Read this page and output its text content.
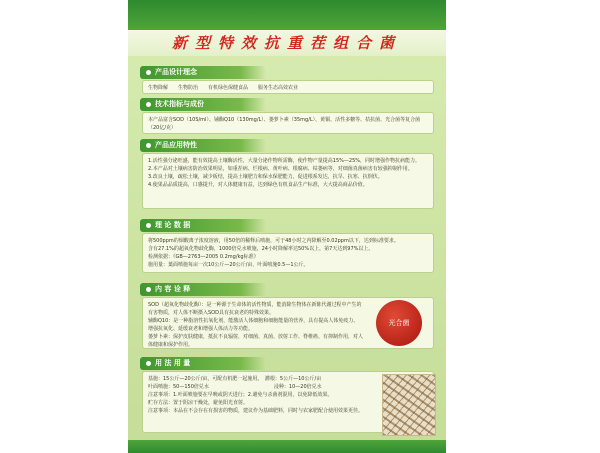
新型特效抗重茬组合菌
产品设计理念

生物降解　　生物防治　　有机绿色保健食品　　服务生态高效农业

技术指标与成份

本产品富含SOD（10S/ml）、铺酶Q10（130mg/L）、萎萝卜素（35mg/L）、黄铜、活性多糖等、拮抗菌、光合菌等复合菌（20亿/克）

产品应用特性

1.活性强分泌旺盛，能有效提高土壤酶活性，大量分泌作物所需酶，使作物产量提高15%—25%，同时增强作物抗病能力。

2.本产品对土壤病害防治效果明显，如重茬病、烂根病、黄叶病、根腐病、枯萎病等，对细菌真菌病害有较强抑制作用。

3.改良土壤，疏松土壤，减少板结，提高土壤肥力和保水保肥能力，促进根系发达，抗旱、抗寒、抗倒伏。

4.使果品品质提高，口感提升，对人体健康有益，达到绿色有机食品生产标准，大大提高商品价值。

理 论 数 据

将500ppm的烟酸离子浓度溶液，用50倍的稀释后喷施，可于48小时之内降解至0.02ppm以下，达到标准要求。

含有27.1%的超氧化物歧化酶，1000倍兑水喷施，24小时降解率达50%以上，第7天达到97%以上。

检测依据：《GB—2763—2005 0.2mg/kg标准》

施用量：葉面喷施每亩一次10公斤—20公斤/亩，叶面喷施0.5—1公斤。

内 容 诠 释

SOD（超氧化物歧化酶）：是一种源于生命体的活性物质，能消除生物体在新陈代谢过程中产生的有害物质，对人体不断摄入SOD具有抗衰老的特殊效果。

辅酶Q10：是一种脂溶性抗氧化剂，能激活人体细胞和细胞能量的营养，具有提高人体免疫力、增强抗氧化、延缓衰老和增强人体活力等功能。

萎萝卜素：保护皮肤健康，抵抗不良辐射，对细菌、真菌、放射工作、脊椎癌、有抑制作用，对人体健康和保护作用。

光合菌
用 法 用 量

基施：15公斤—20公斤/亩，可配有机肥一起施用。　灌根：5公斤—10公斤/亩

叶面喷施：50—150倍兑水　　　　　　　　　　　　　浸种：10—20倍兑水

注意事项：1.叶面喷施要在早晚或阴天进行；2.避免与杀菌剂混用，以免降低效果。

贮存方法：置于阴凉干燥处，避免阳光直射。

注意事项：本品在不会存在有损害的物质，建议作为基础肥料，同时与农家肥配合使用效果更佳。
